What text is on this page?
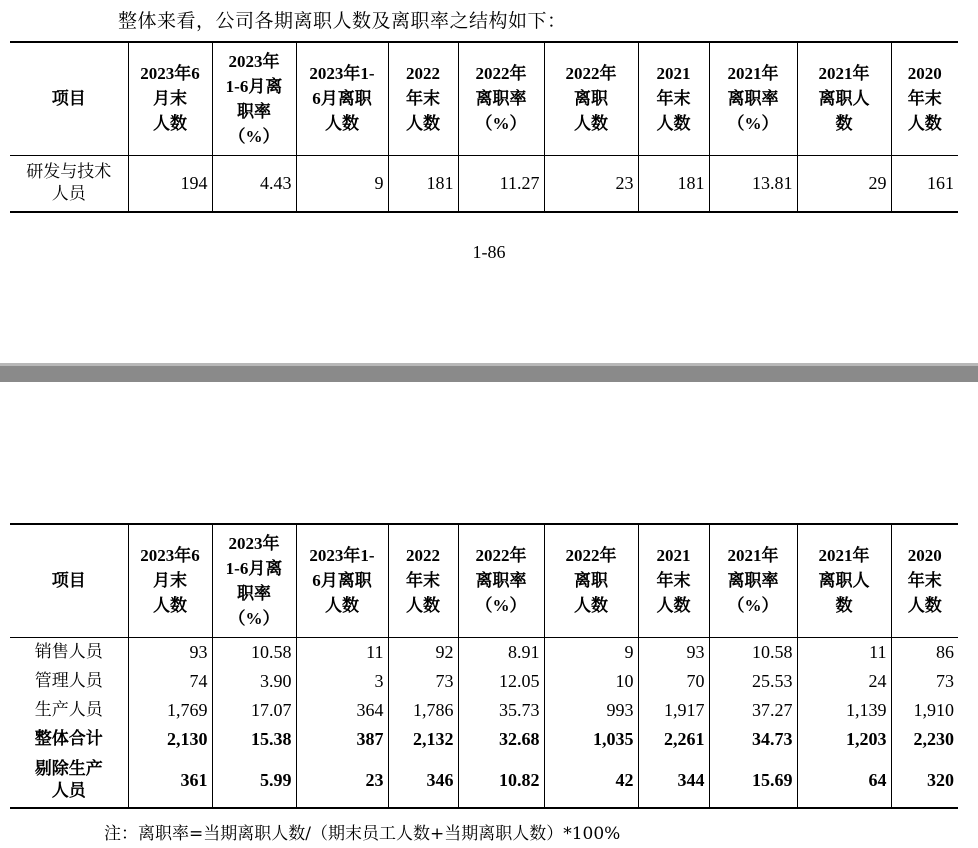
整体来看，公司各期离职人数及离职率之结构如下：
项目	2023年6
月末
人数	2023年
1-6月离
职率
（%）	2023年1-
6月离职
人数	2022
年末
人数	2022年
离职率
（%）	2022年
离职
人数	2021
年末
人数	2021年
离职率
（%）	2021年
离职人
数	2020
年末
人数
研发与技术
人员	194	4.43	9	181	11.27	23	181	13.81	29	161
1-86
项目	2023年6
月末
人数	2023年
1-6月离
职率
（%）	2023年1-
6月离职
人数	2022
年末
人数	2022年
离职率
（%）	2022年
离职
人数	2021
年末
人数	2021年
离职率
（%）	2021年
离职人
数	2020
年末
人数
销售人员	93	10.58	11	92	8.91	9	93	10.58	11	86
管理人员	74	3.90	3	73	12.05	10	70	25.53	24	73
生产人员	1,769	17.07	364	1,786	35.73	993	1,917	37.27	1,139	1,910
整体合计	2,130	15.38	387	2,132	32.68	1,035	2,261	34.73	1,203	2,230
剔除生产
人员	361	5.99	23	346	10.82	42	344	15.69	64	320
注：离职率=当期离职人数/（期末员工人数+当期离职人数）*100%
